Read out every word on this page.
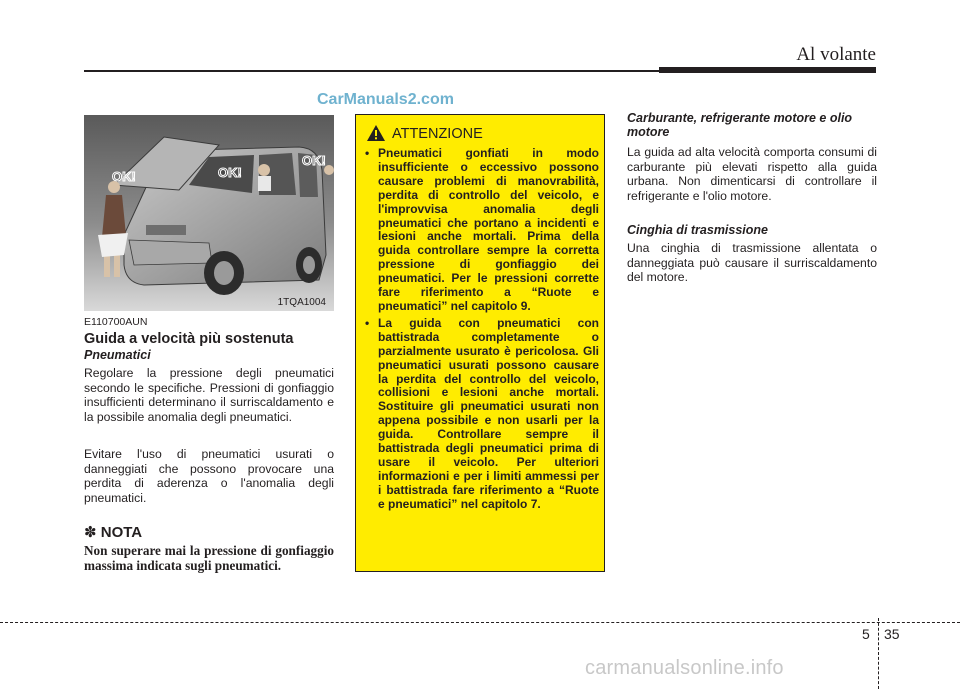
Al volante
CarManuals2.com
OK!	OK!
OK!
1TQA1004
E110700AUN
Guida a velocità più sostenuta
Pneumatici
Regolare la pressione degli pneumatici secondo le specifiche. Pressioni di gonfiaggio insufficienti determinano il surriscaldamento e la possibile anomalia degli pneumatici.
Evitare l'uso di pneumatici usurati o danneggiati che possono provocare una perdita di aderenza o l'anomalia degli pneumatici.
✽ NOTA
Non superare mai la pressione di gonfiaggio massima indicata sugli pneumatici.
ATTENZIONE
• Pneumatici gonfiati in modo insufficiente o eccessivo possono causare problemi di manovrabilità, perdita di controllo del veicolo, e l'improvvisa anomalia degli pneumatici che portano a incidenti e lesioni anche mortali. Prima della guida controllare sempre la corretta pressione di gonfiaggio dei pneumatici. Per le pressioni corrette fare riferimento a “Ruote e pneumatici” nel capitolo 9.
• La guida con pneumatici con battistrada completamente o parzialmente usurato è pericolosa. Gli pneumatici usurati possono causare la perdita del controllo del veicolo, collisioni e lesioni anche mortali. Sostituire gli pneumatici usurati non appena possibile e non usarli per la guida. Controllare sempre il battistrada degli pneumatici prima di usare il veicolo. Per ulteriori informazioni e per i limiti ammessi per i battistrada fare riferimento a “Ruote e pneumatici” nel capitolo 7.
Carburante, refrigerante motore e olio motore
La guida ad alta velocità comporta consumi di carburante più elevati rispetto alla guida urbana. Non dimenticarsi di controllare il refrigerante e l'olio motore.
Cinghia di trasmissione
Una cinghia di trasmissione allentata o danneggiata può causare il surriscaldamento del motore.
5 35
carmanualsonline.info
